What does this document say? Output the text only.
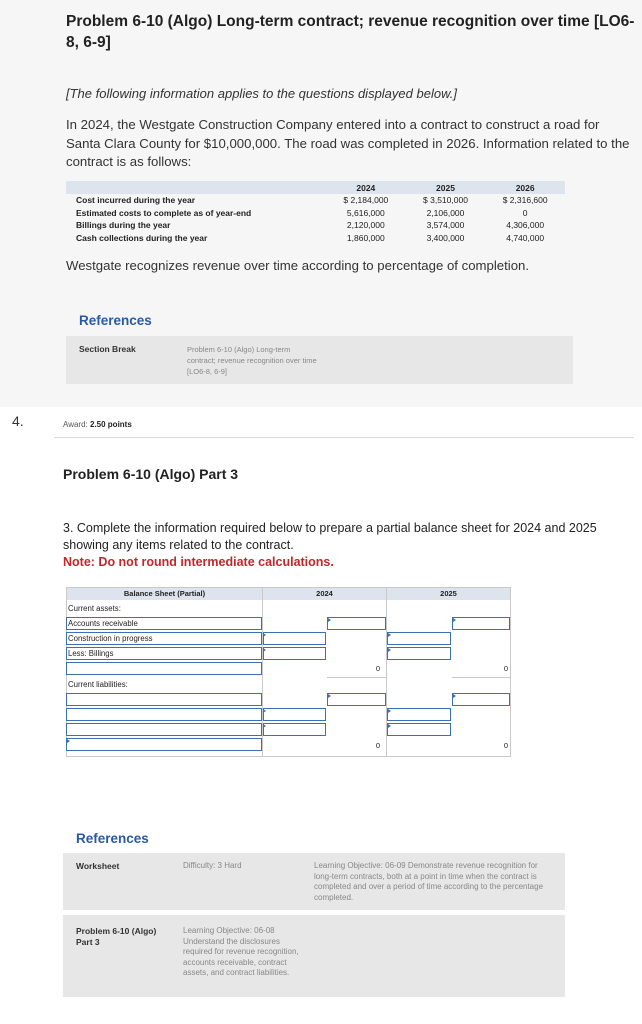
Problem 6-10 (Algo) Long-term contract; revenue recognition over time [LO6-8, 6-9]
[The following information applies to the questions displayed below.]
In 2024, the Westgate Construction Company entered into a contract to construct a road for Santa Clara County for $10,000,000. The road was completed in 2026. Information related to the contract is as follows:
	2024	2025	2026
Cost incurred during the year	$ 2,184,000	$ 3,510,000	$ 2,316,600
Estimated costs to complete as of year-end	5,616,000	2,106,000	0
Billings during the year	2,120,000	3,574,000	4,306,000
Cash collections during the year	1,860,000	3,400,000	4,740,000
Westgate recognizes revenue over time according to percentage of completion.
References
Section Break	Problem 6-10 (Algo) Long-term contract; revenue recognition over time [LO6-8, 6-9]
4.	Award: 2.50 points
Problem 6-10 (Algo) Part 3
3. Complete the information required below to prepare a partial balance sheet for 2024 and 2025 showing any items related to the contract.
Note: Do not round intermediate calculations.
Balance Sheet (Partial)	2024	2025
Current assets:
Accounts receivable
Construction in progress
Less: Billings
0	0
Current liabilities:
0	0
References
Worksheet	Difficulty: 3 Hard	Learning Objective: 06-09 Demonstrate revenue recognition for long-term contracts, both at a point in time when the contract is completed and over a period of time according to the percentage completed.
Problem 6-10 (Algo) Part 3
Learning Objective: 06-08 Understand the disclosures required for revenue recognition, accounts receivable, contract assets, and contract liabilities.
